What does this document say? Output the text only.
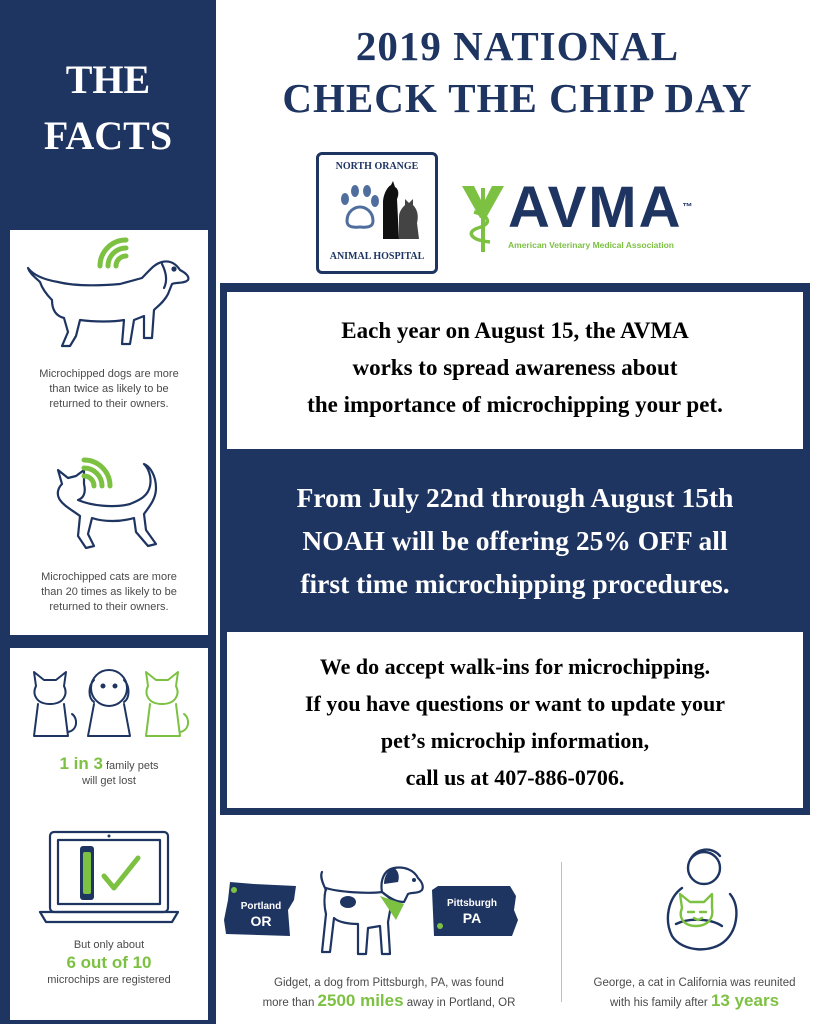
THE
FACTS
Microchipped dogs are more
than twice as likely to be
returned to their owners.
Microchipped cats are more
than 20 times as likely to be
returned to their owners.
1 in 3 family pets
will get lost
But only about
6 out of 10
microchips are registered
2019 NATIONAL
CHECK THE CHIP DAY
NORTH ORANGE
ANIMAL HOSPITAL
AVMA™
American Veterinary Medical Association
Each year on August 15, the AVMA
works to spread awareness about
the importance of microchipping your pet.
From July 22nd through August 15th
NOAH will be offering 25% OFF all
first time microchipping procedures.
We do accept walk-ins for microchipping.
If you have questions or want to update your
pet’s microchip information,
call us at 407-886-0706.
Portland
OR
Pittsburgh
PA
Gidget, a dog from Pittsburgh, PA, was found
more than 2500 miles away in Portland, OR
George, a cat in California was reunited
with his family after 13 years
